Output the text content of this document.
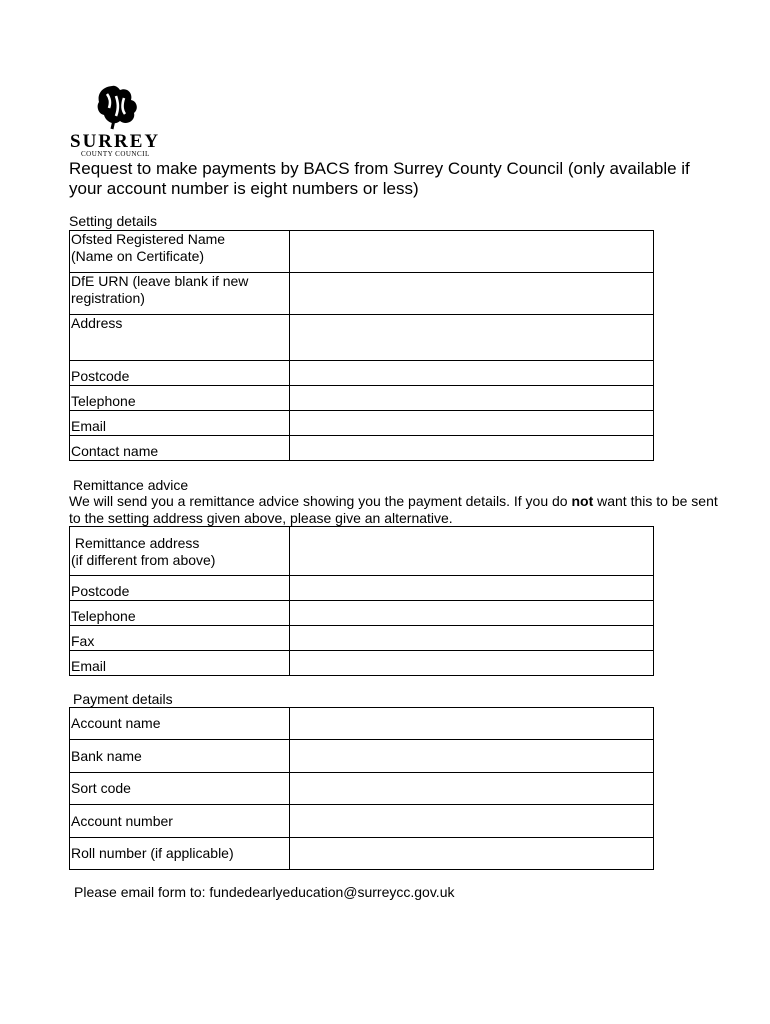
SURREY
COUNTY COUNCIL
Request to make payments by BACS from Surrey County Council (only available if your account number is eight numbers or less)
Setting details
Ofsted Registered Name
(Name on Certificate)	
DfE URN (leave blank if new registration)	
Address	
Postcode	
Telephone	
Email	
Contact name	
Remittance advice
We will send you a remittance advice showing you the payment details. If you do not want this to be sent to the setting address given above, please give an alternative.
Remittance address
(if different from above)	
Postcode	
Telephone	
Fax	
Email	
Payment details
Account name	
Bank name	
Sort code	
Account number	
Roll number (if applicable)	
Please email form to: fundedearlyeducation@surreycc.gov.uk
